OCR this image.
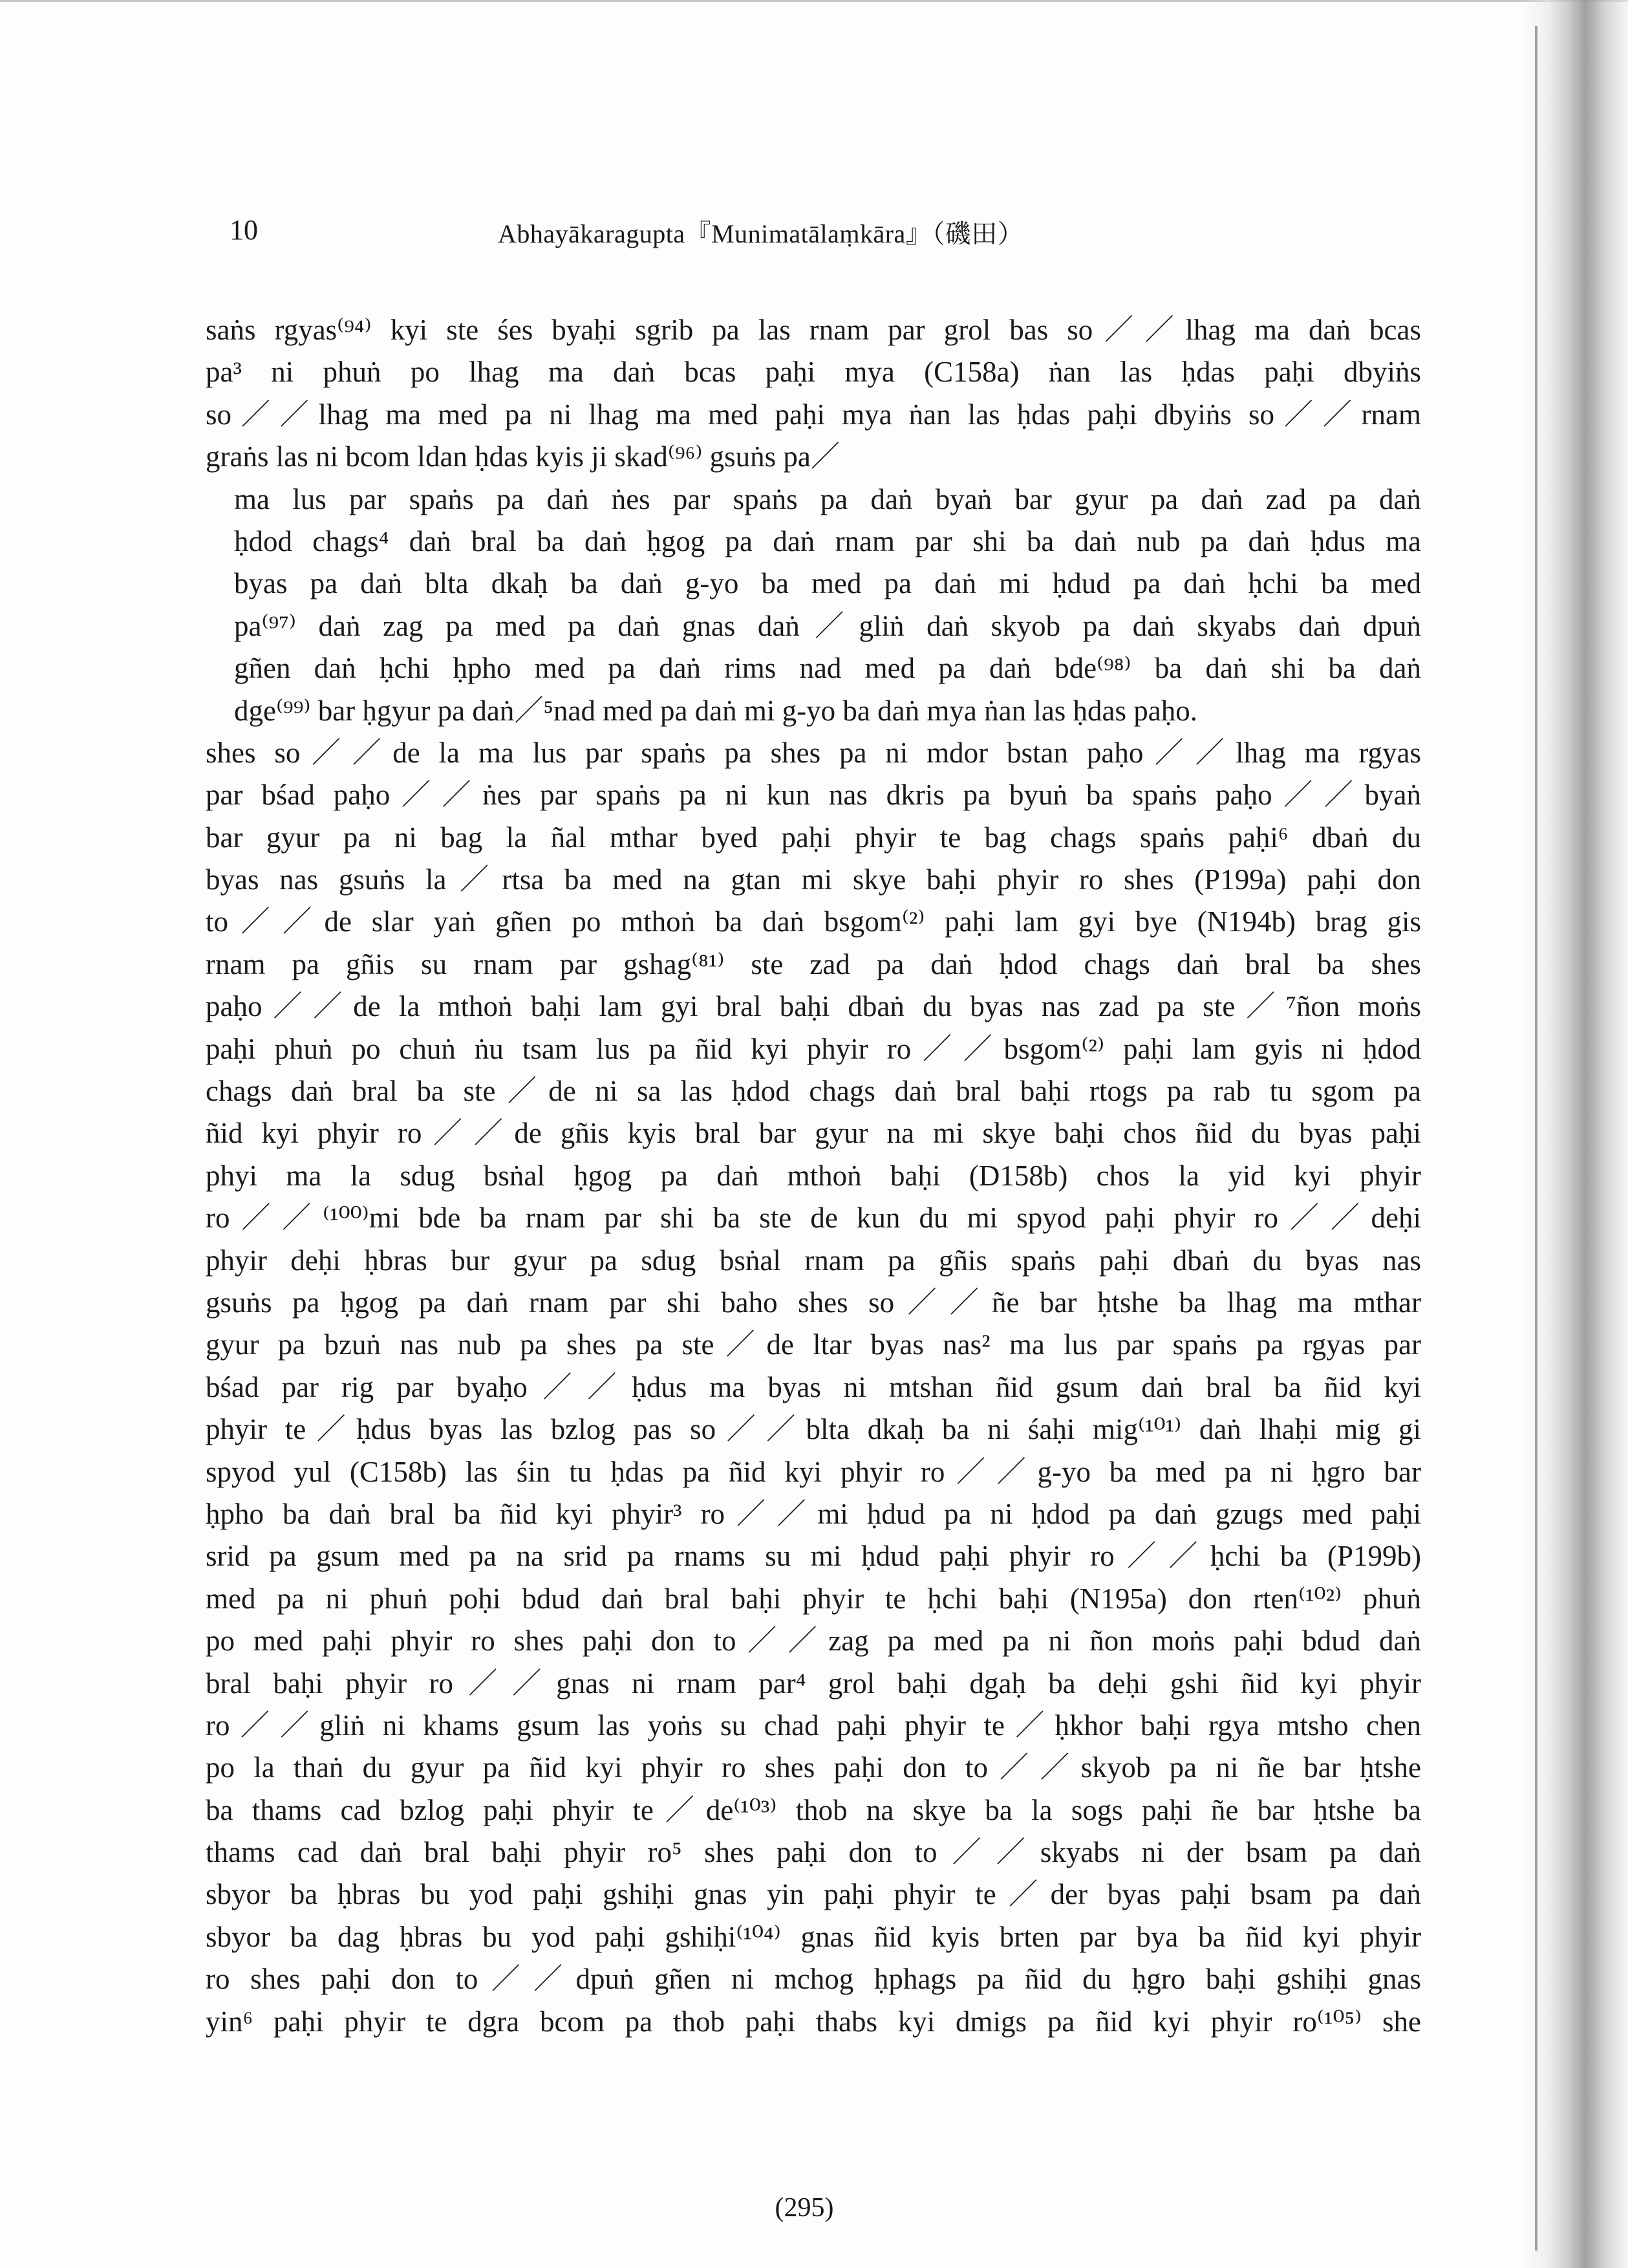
10	Abhayākaragupta『Munimatālaṃkāra』（磯田）
saṅs rgyas⁽⁹⁴⁾ kyi ste śes byaḥi sgrib pa las rnam par grol bas so／／lhag ma daṅ bcas
pa³ ni phuṅ po lhag ma daṅ bcas paḥi mya (C158a) ṅan las ḥdas paḥi dbyiṅs
so／／lhag ma med pa ni lhag ma med paḥi mya ṅan las ḥdas paḥi dbyiṅs so／／rnam
graṅs las ni bcom ldan ḥdas kyis ji skad⁽⁹⁶⁾ gsuṅs pa／
ma lus par spaṅs pa daṅ ṅes par spaṅs pa daṅ byaṅ bar gyur pa daṅ zad pa daṅ
ḥdod chags⁴ daṅ bral ba daṅ ḥgog pa daṅ rnam par shi ba daṅ nub pa daṅ ḥdus ma
byas pa daṅ blta dkaḥ ba daṅ g-yo ba med pa daṅ mi ḥdud pa daṅ ḥchi ba med
pa⁽⁹⁷⁾ daṅ zag pa med pa daṅ gnas daṅ／gliṅ daṅ skyob pa daṅ skyabs daṅ dpuṅ
gñen daṅ ḥchi ḥpho med pa daṅ rims nad med pa daṅ bde⁽⁹⁸⁾ ba daṅ shi ba daṅ
dge⁽⁹⁹⁾ bar ḥgyur pa daṅ／⁵nad med pa daṅ mi g-yo ba daṅ mya ṅan las ḥdas paḥo.
shes so／／de la ma lus par spaṅs pa shes pa ni mdor bstan paḥo／／lhag ma rgyas
par bśad paḥo／／ṅes par spaṅs pa ni kun nas dkris pa byuṅ ba spaṅs paḥo／／byaṅ
bar gyur pa ni bag la ñal mthar byed paḥi phyir te bag chags spaṅs paḥi⁶ dbaṅ du
byas nas gsuṅs la／rtsa ba med na gtan mi skye baḥi phyir ro shes (P199a) paḥi don
to／／de slar yaṅ gñen po mthoṅ ba daṅ bsgom⁽²⁾ paḥi lam gyi bye (N194b) brag gis
rnam pa gñis su rnam par gshag⁽⁸¹⁾ ste zad pa daṅ ḥdod chags daṅ bral ba shes
paḥo／／de la mthoṅ baḥi lam gyi bral baḥi dbaṅ du byas nas zad pa ste／⁷ñon moṅs
paḥi phuṅ po chuṅ ṅu tsam lus pa ñid kyi phyir ro／／bsgom⁽²⁾ paḥi lam gyis ni ḥdod
chags daṅ bral ba ste／de ni sa las ḥdod chags daṅ bral baḥi rtogs pa rab tu sgom pa
ñid kyi phyir ro／／de gñis kyis bral bar gyur na mi skye baḥi chos ñid du byas paḥi
phyi ma la sdug bsṅal ḥgog pa daṅ mthoṅ baḥi (D158b) chos la yid kyi phyir
ro／／⁽¹⁰⁰⁾mi bde ba rnam par shi ba ste de kun du mi spyod paḥi phyir ro／／deḥi
phyir deḥi ḥbras bur gyur pa sdug bsṅal rnam pa gñis spaṅs paḥi dbaṅ du byas nas
gsuṅs pa ḥgog pa daṅ rnam par shi baho shes so／／ñe bar ḥtshe ba lhag ma mthar
gyur pa bzuṅ nas nub pa shes pa ste／de ltar byas nas² ma lus par spaṅs pa rgyas par
bśad par rig par byaḥo／／ḥdus ma byas ni mtshan ñid gsum daṅ bral ba ñid kyi
phyir te／ḥdus byas las bzlog pas so／／blta dkaḥ ba ni śaḥi mig⁽¹⁰¹⁾ daṅ lhaḥi mig gi
spyod yul (C158b) las śin tu ḥdas pa ñid kyi phyir ro／／g-yo ba med pa ni ḥgro bar
ḥpho ba daṅ bral ba ñid kyi phyir³ ro／／mi ḥdud pa ni ḥdod pa daṅ gzugs med paḥi
srid pa gsum med pa na srid pa rnams su mi ḥdud paḥi phyir ro／／ḥchi ba (P199b)
med pa ni phuṅ poḥi bdud daṅ bral baḥi phyir te ḥchi baḥi (N195a) don rten⁽¹⁰²⁾ phuṅ
po med paḥi phyir ro shes paḥi don to／／zag pa med pa ni ñon moṅs paḥi bdud daṅ
bral baḥi phyir ro／／gnas ni rnam par⁴ grol baḥi dgaḥ ba deḥi gshi ñid kyi phyir
ro／／gliṅ ni khams gsum las yoṅs su chad paḥi phyir te／ḥkhor baḥi rgya mtsho chen
po la thaṅ du gyur pa ñid kyi phyir ro shes paḥi don to／／skyob pa ni ñe bar ḥtshe
ba thams cad bzlog paḥi phyir te／de⁽¹⁰³⁾ thob na skye ba la sogs paḥi ñe bar ḥtshe ba
thams cad daṅ bral baḥi phyir ro⁵ shes paḥi don to／／skyabs ni der bsam pa daṅ
sbyor ba ḥbras bu yod paḥi gshiḥi gnas yin paḥi phyir te／der byas paḥi bsam pa daṅ
sbyor ba dag ḥbras bu yod paḥi gshiḥi⁽¹⁰⁴⁾ gnas ñid kyis brten par bya ba ñid kyi phyir
ro shes paḥi don to／／dpuṅ gñen ni mchog ḥphags pa ñid du ḥgro baḥi gshiḥi gnas
yin⁶ paḥi phyir te dgra bcom pa thob paḥi thabs kyi dmigs pa ñid kyi phyir ro⁽¹⁰⁵⁾ she
(295)
